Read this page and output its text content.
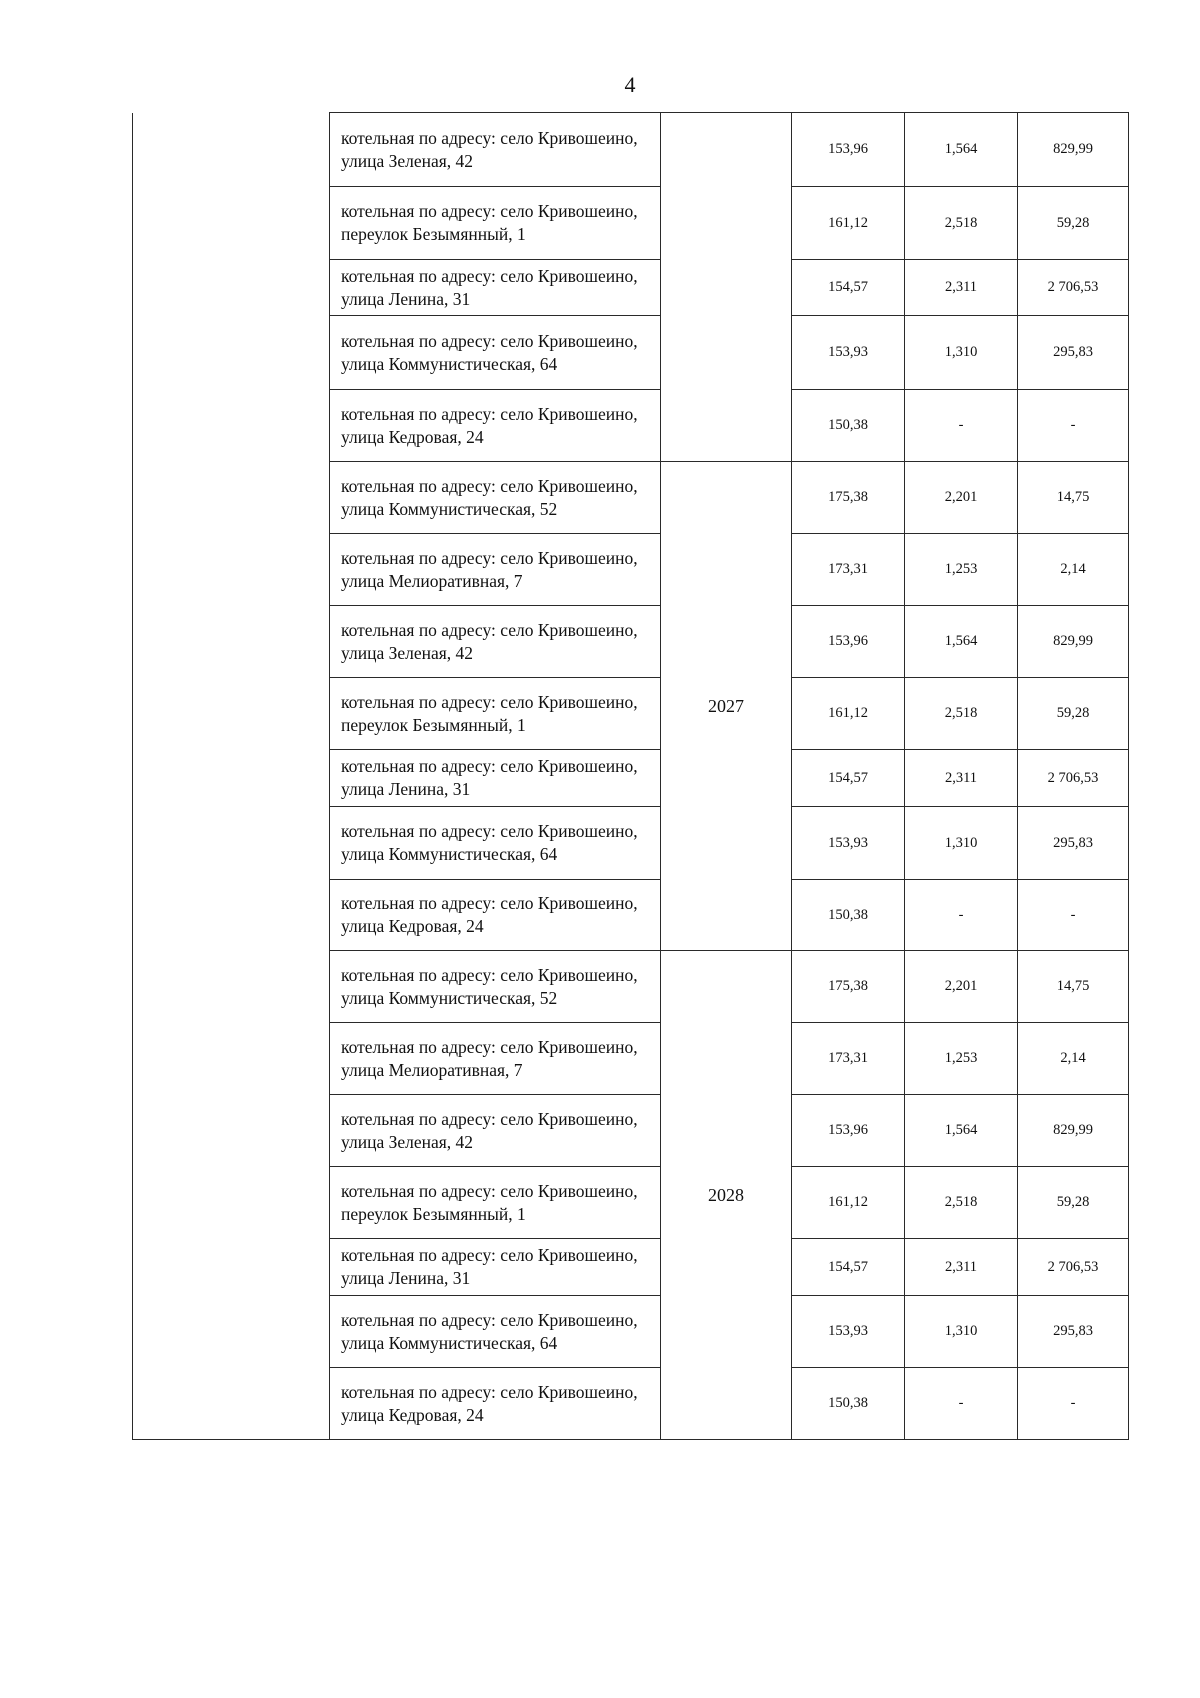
4
	котельная по адресу: село Кривошеино, улица Зеленая, 42		153,96	1,564	829,99
	котельная по адресу: село Кривошеино, переулок Безымянный, 1		161,12	2,518	59,28
	котельная по адресу: село Кривошеино, улица Ленина, 31		154,57	2,311	2 706,53
	котельная по адресу: село Кривошеино, улица Коммунистическая, 64		153,93	1,310	295,83
	котельная по адресу: село Кривошеино, улица Кедровая, 24		150,38	-	-
	котельная по адресу: село Кривошеино, улица Коммунистическая, 52	2027	175,38	2,201	14,75
	котельная по адресу: село Кривошеино, улица Мелиоративная, 7		173,31	1,253	2,14
	котельная по адресу: село Кривошеино, улица Зеленая, 42		153,96	1,564	829,99
	котельная по адресу: село Кривошеино, переулок Безымянный, 1		161,12	2,518	59,28
	котельная по адресу: село Кривошеино, улица Ленина, 31		154,57	2,311	2 706,53
	котельная по адресу: село Кривошеино, улица Коммунистическая, 64		153,93	1,310	295,83
	котельная по адресу: село Кривошеино, улица Кедровая, 24		150,38	-	-
	котельная по адресу: село Кривошеино, улица Коммунистическая, 52	2028	175,38	2,201	14,75
	котельная по адресу: село Кривошеино, улица Мелиоративная, 7		173,31	1,253	2,14
	котельная по адресу: село Кривошеино, улица Зеленая, 42		153,96	1,564	829,99
	котельная по адресу: село Кривошеино, переулок Безымянный, 1		161,12	2,518	59,28
	котельная по адресу: село Кривошеино, улица Ленина, 31		154,57	2,311	2 706,53
	котельная по адресу: село Кривошеино, улица Коммунистическая, 64		153,93	1,310	295,83
	котельная по адресу: село Кривошеино, улица Кедровая, 24		150,38	-	-
